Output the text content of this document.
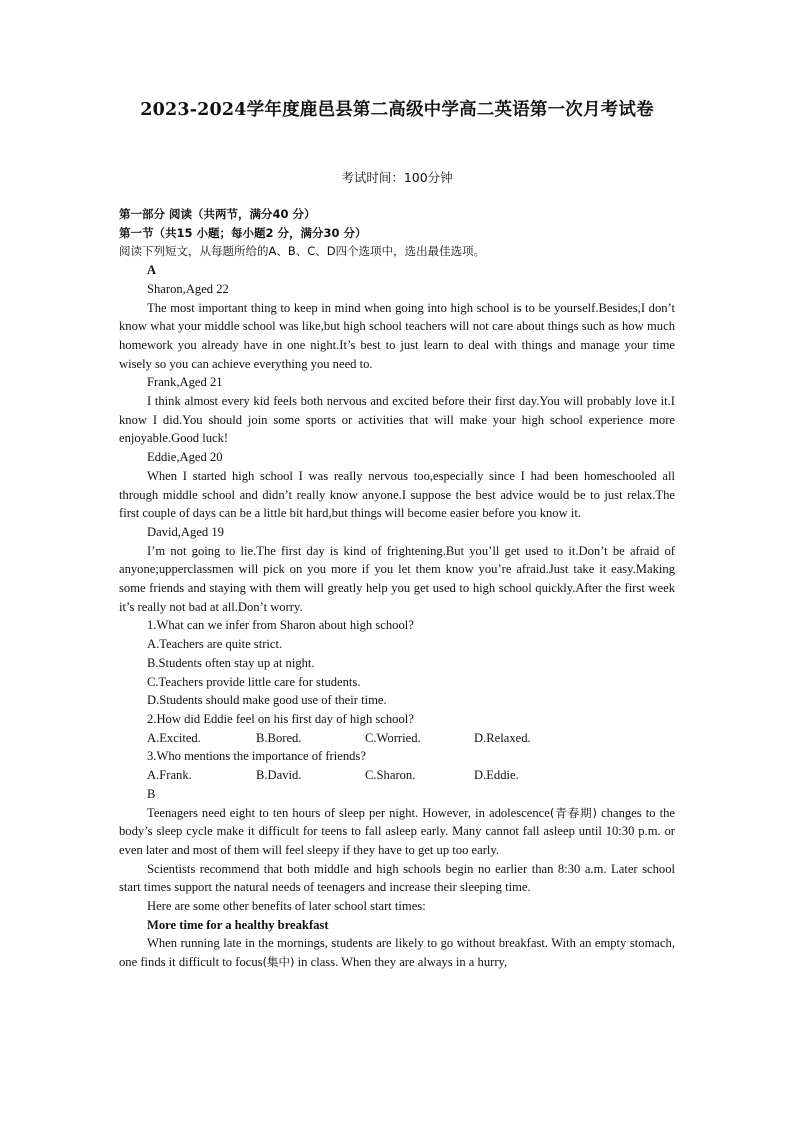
2023-2024学年度鹿邑县第二高级中学高二英语第一次月考试卷
考试时间：100分钟

第一部分 阅读（共两节，满分40 分）

第一节（共15 小题；每小题2 分，满分30 分）

阅读下列短文，从每题所给的A、B、C、D四个选项中，选出最佳选项。

A

Sharon,Aged 22

The most important thing to keep in mind when going into high school is to be yourself.Besides,I don’t know what your middle school was like,but high school teachers will not care about things such as how much homework you already have in one night.It’s best to just learn to deal with things and manage your time wisely so you can achieve everything you need to.

Frank,Aged 21

I think almost every kid feels both nervous and excited before their first day.You will probably love it.I know I did.You should join some sports or activities that will make your high school experience more enjoyable.Good luck!

Eddie,Aged 20

When I started high school I was really nervous too,especially since I had been homeschooled all through middle school and didn’t really know anyone.I suppose the best advice would be to just relax.The first couple of days can be a little bit hard,but things will become easier before you know it.

David,Aged 19

I’m not going to lie.The first day is kind of frightening.But you’ll get used to it.Don’t be afraid of anyone;upperclassmen will pick on you more if you let them know you’re afraid.Just take it easy.Making some friends and staying with them will greatly help you get used to high school quickly.After the first week it’s really not bad at all.Don’t worry.

1.What can we infer from Sharon about high school?

A.Teachers are quite strict.

B.Students often stay up at night.

C.Teachers provide little care for students.

D.Students should make good use of their time.

2.How did Eddie feel on his first day of high school?

A.Excited.	B.Bored.	C.Worried.	D.Relaxed.

3.Who mentions the importance of friends?

A.Frank.	B.David.	C.Sharon.	D.Eddie.

B

Teenagers need eight to ten hours of sleep per night. However, in adolescence(青春期) changes to the body’s sleep cycle make it difficult for teens to fall asleep early. Many cannot fall asleep until 10:30 p.m. or even later and most of them will feel sleepy if they have to get up too early.

Scientists recommend that both middle and high schools begin no earlier than 8:30 a.m. Later school start times support the natural needs of teenagers and increase their sleeping time.

Here are some other benefits of later school start times:

More time for a healthy breakfast

When running late in the mornings, students are likely to go without breakfast. With an empty stomach, one finds it difficult to focus(集中) in class. When they are always in a hurry,
